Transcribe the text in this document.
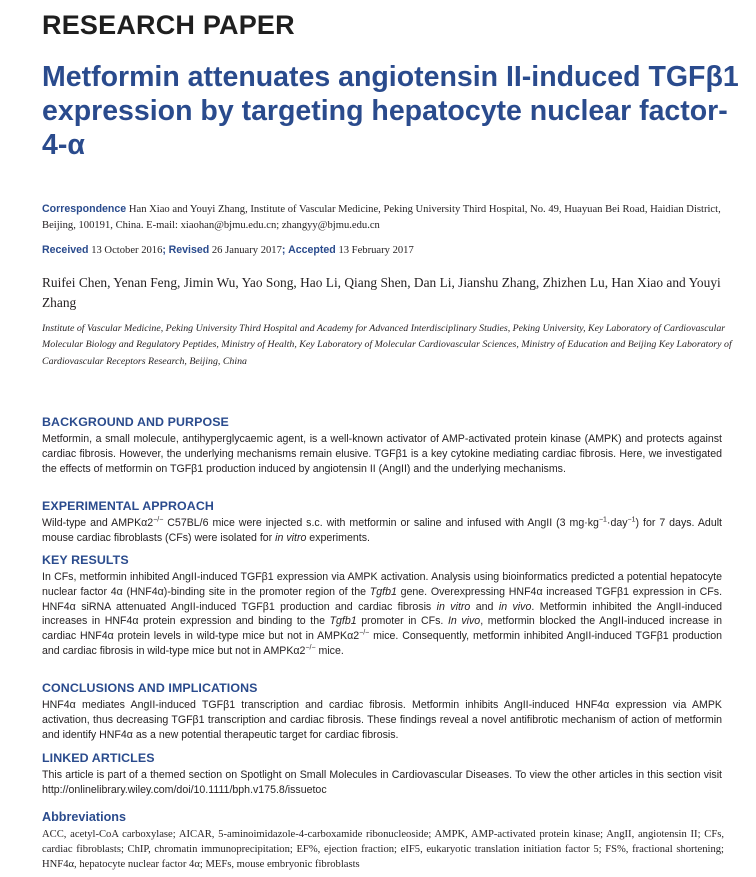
RESEARCH PAPER
Metformin attenuates angiotensin II-induced TGFβ1 expression by targeting hepatocyte nuclear factor-4-α
Correspondence Han Xiao and Youyi Zhang, Institute of Vascular Medicine, Peking University Third Hospital, No. 49, Huayuan Bei Road, Haidian District, Beijing, 100191, China. E-mail: xiaohan@bjmu.edu.cn; zhangyy@bjmu.edu.cn
Received 13 October 2016; Revised 26 January 2017; Accepted 13 February 2017
Ruifei Chen, Yenan Feng, Jimin Wu, Yao Song, Hao Li, Qiang Shen, Dan Li, Jianshu Zhang, Zhizhen Lu, Han Xiao and Youyi Zhang
Institute of Vascular Medicine, Peking University Third Hospital and Academy for Advanced Interdisciplinary Studies, Peking University, Key Laboratory of Cardiovascular Molecular Biology and Regulatory Peptides, Ministry of Health, Key Laboratory of Molecular Cardiovascular Sciences, Ministry of Education and Beijing Key Laboratory of Cardiovascular Receptors Research, Beijing, China
BACKGROUND AND PURPOSE
Metformin, a small molecule, antihyperglycaemic agent, is a well-known activator of AMP-activated protein kinase (AMPK) and protects against cardiac fibrosis. However, the underlying mechanisms remain elusive. TGFβ1 is a key cytokine mediating cardiac fibrosis. Here, we investigated the effects of metformin on TGFβ1 production induced by angiotensin II (AngII) and the underlying mechanisms.
EXPERIMENTAL APPROACH
Wild-type and AMPKα2−/− C57BL/6 mice were injected s.c. with metformin or saline and infused with AngII (3 $mg\cdot kg^{-1}\cdot day^{-1}$) for 7 days. Adult mouse cardiac fibroblasts (CFs) were isolated for in vitro experiments.
KEY RESULTS
In CFs, metformin inhibited AngII-induced TGFβ1 expression via AMPK activation. Analysis using bioinformatics predicted a potential hepatocyte nuclear factor 4α (HNF4α)-binding site in the promoter region of the Tgfb1 gene. Overexpressing HNF4α increased TGFβ1 expression in CFs. HNF4α siRNA attenuated AngII-induced TGFβ1 production and cardiac fibrosis in vitro and in vivo. Metformin inhibited the AngII-induced increases in HNF4α protein expression and binding to the Tgfb1 promoter in CFs. In vivo, metformin blocked the AngII-induced increase in cardiac HNF4α protein levels in wild-type mice but not in AMPKα2−/− mice. Consequently, metformin inhibited AngII-induced TGFβ1 production and cardiac fibrosis in wild-type mice but not in AMPKα2−/− mice.
CONCLUSIONS AND IMPLICATIONS
HNF4α mediates AngII-induced TGFβ1 transcription and cardiac fibrosis. Metformin inhibits AngII-induced HNF4α expression via AMPK activation, thus decreasing TGFβ1 transcription and cardiac fibrosis. These findings reveal a novel antifibrotic mechanism of action of metformin and identify HNF4α as a new potential therapeutic target for cardiac fibrosis.
LINKED ARTICLES
This article is part of a themed section on Spotlight on Small Molecules in Cardiovascular Diseases. To view the other articles in this section visit http://onlinelibrary.wiley.com/doi/10.1111/bph.v175.8/issuetoc
Abbreviations
ACC, acetyl-CoA carboxylase; AICAR, 5-aminoimidazole-4-carboxamide ribonucleoside; AMPK, AMP-activated protein kinase; AngII, angiotensin II; CFs, cardiac fibroblasts; ChIP, chromatin immunoprecipitation; EF%, ejection fraction; eIF5, eukaryotic translation initiation factor 5; FS%, fractional shortening; HNF4α, hepatocyte nuclear factor 4α; MEFs, mouse embryonic fibroblasts
